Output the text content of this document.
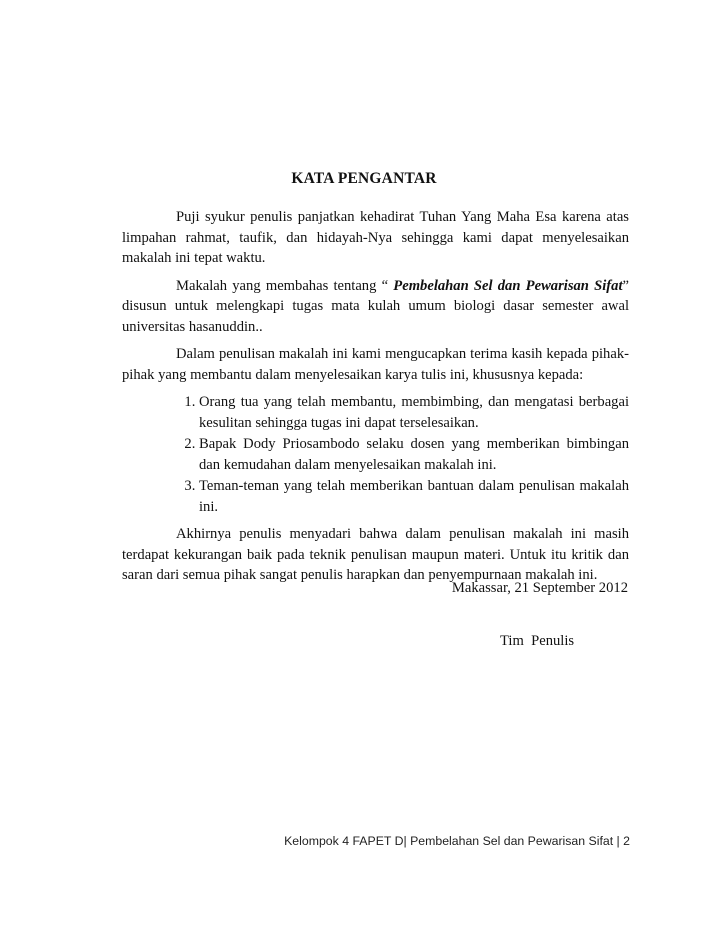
KATA PENGANTAR

Puji syukur penulis panjatkan kehadirat Tuhan Yang Maha Esa karena atas limpahan rahmat, taufik, dan hidayah-Nya sehingga kami dapat menyelesaikan makalah ini tepat waktu.

Makalah yang membahas tentang “ Pembelahan Sel dan Pewarisan Sifat” disusun untuk melengkapi tugas mata kulah umum biologi dasar semester awal universitas hasanuddin..

Dalam penulisan makalah ini kami mengucapkan terima kasih kepada pihak-pihak yang membantu dalam menyelesaikan karya tulis ini, khususnya kepada:

1. Orang tua yang telah membantu, membimbing, dan mengatasi berbagai kesulitan sehingga tugas ini dapat terselesaikan.
2. Bapak Dody Priosambodo selaku dosen yang memberikan bimbingan dan kemudahan dalam menyelesaikan makalah ini.
3. Teman-teman yang telah memberikan bantuan dalam penulisan makalah ini.

Akhirnya penulis menyadari bahwa dalam penulisan makalah ini masih terdapat kekurangan baik pada teknik penulisan maupun materi. Untuk itu kritik dan saran dari semua pihak sangat penulis harapkan dan penyempurnaan makalah ini.

Makassar, 21 September 2012
Tim  Penulis
Kelompok 4 FAPET D| Pembelahan Sel dan Pewarisan Sifat | 2
